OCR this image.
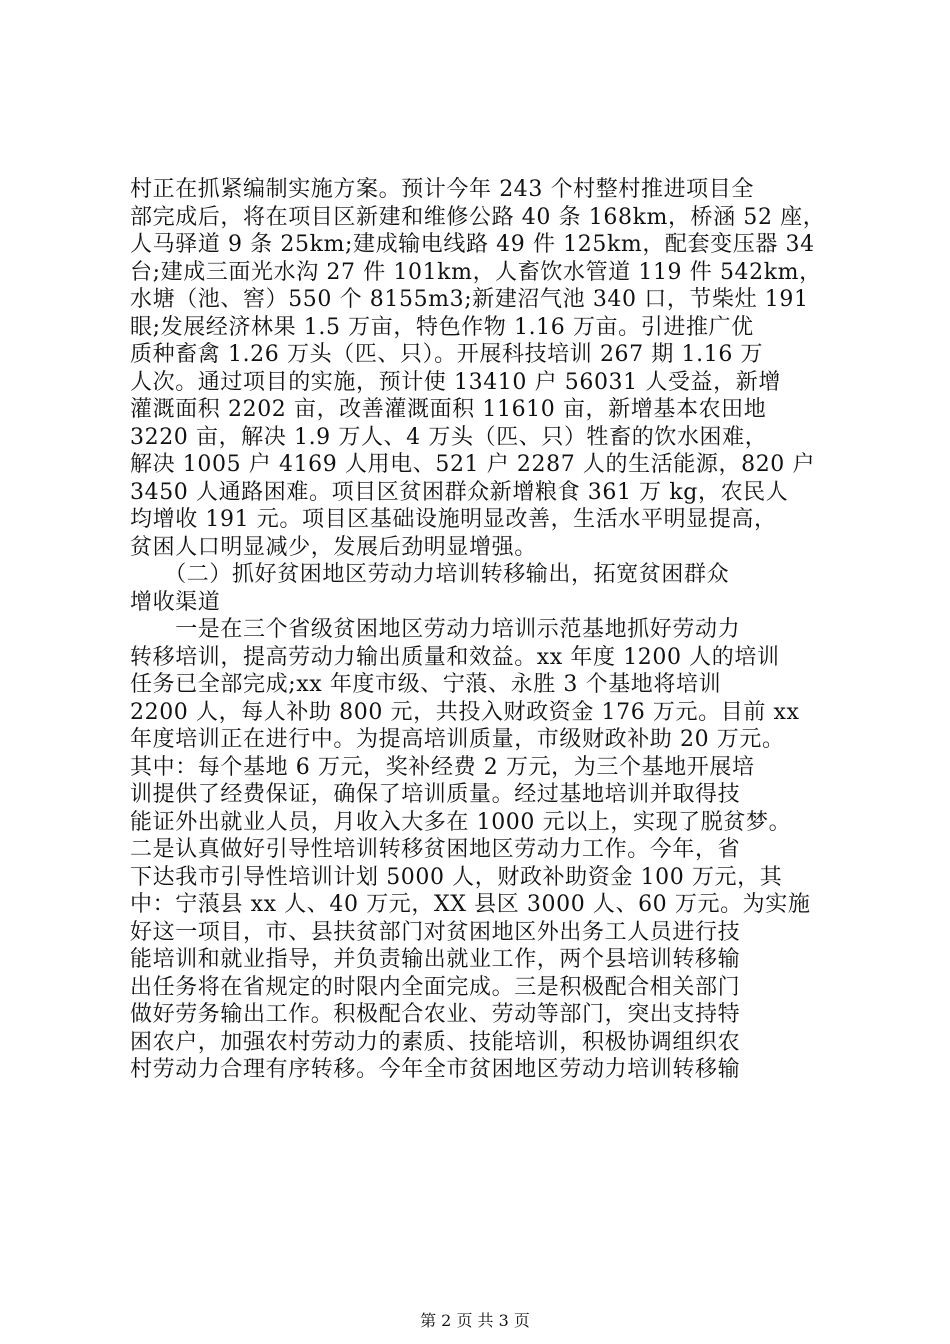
村正在抓紧编制实施方案。预计今年 243 个村整村推进项目全
部完成后，将在项目区新建和维修公路 40 条 168km，桥涵 52 座，
人马驿道 9 条 25km;建成输电线路 49 件 125km，配套变压器 34
台;建成三面光水沟 27 件 101km，人畜饮水管道 119 件 542km，
水塘（池、窖）550 个 8155m3;新建沼气池 340 口，节柴灶 191
眼;发展经济林果 1.5 万亩，特色作物 1.16 万亩。引进推广优
质种畜禽 1.26 万头（匹、只）。开展科技培训 267 期 1.16 万
人次。通过项目的实施，预计使 13410 户 56031 人受益，新增
灌溉面积 2202 亩，改善灌溉面积 11610 亩，新增基本农田地
3220 亩，解决 1.9 万人、4 万头（匹、只）牲畜的饮水困难，
解决 1005 户 4169 人用电、521 户 2287 人的生活能源，820 户
3450 人通路困难。项目区贫困群众新增粮食 361 万 kg，农民人
均增收 191 元。项目区基础设施明显改善，生活水平明显提高，
贫困人口明显减少，发展后劲明显增强。
　　（二）抓好贫困地区劳动力培训转移输出，拓宽贫困群众
增收渠道
　　一是在三个省级贫困地区劳动力培训示范基地抓好劳动力
转移培训，提高劳动力输出质量和效益。xx 年度 1200 人的培训
任务已全部完成;xx 年度市级、宁蒗、永胜 3 个基地将培训
2200 人，每人补助 800 元，共投入财政资金 176 万元。目前 xx
年度培训正在进行中。为提高培训质量，市级财政补助 20 万元。
其中：每个基地 6 万元，奖补经费 2 万元，为三个基地开展培
训提供了经费保证，确保了培训质量。经过基地培训并取得技
能证外出就业人员，月收入大多在 1000 元以上，实现了脱贫梦。
二是认真做好引导性培训转移贫困地区劳动力工作。今年，省
下达我市引导性培训计划 5000 人，财政补助资金 100 万元，其
中：宁蒗县 xx 人、40 万元，XX 县区 3000 人、60 万元。为实施
好这一项目，市、县扶贫部门对贫困地区外出务工人员进行技
能培训和就业指导，并负责输出就业工作，两个县培训转移输
出任务将在省规定的时限内全面完成。三是积极配合相关部门
做好劳务输出工作。积极配合农业、劳动等部门，突出支持特
困农户，加强农村劳动力的素质、技能培训，积极协调组织农
村劳动力合理有序转移。今年全市贫困地区劳动力培训转移输
第 2 页 共 3 页
